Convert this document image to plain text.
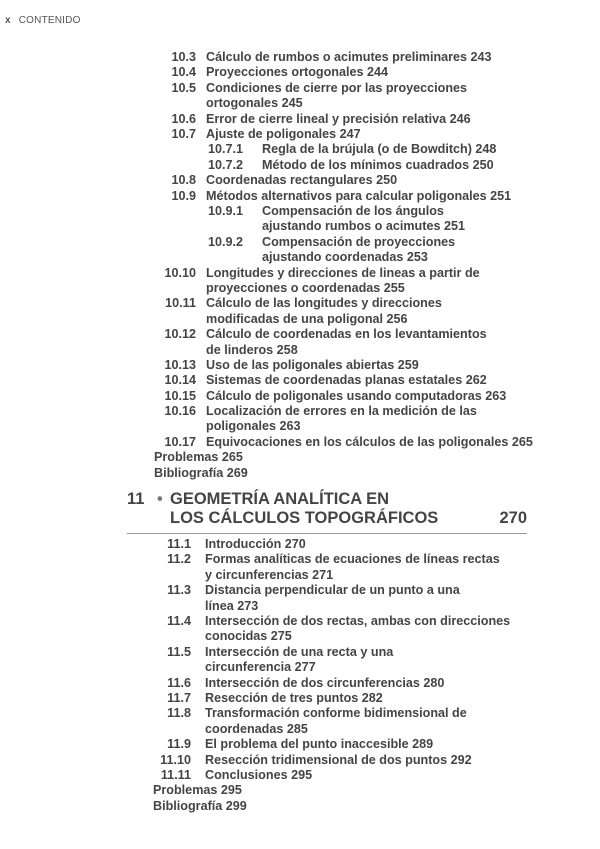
x CONTENIDO
10.3 Cálculo de rumbos o acimutes preliminares 243
10.4 Proyecciones ortogonales 244
10.5 Condiciones de cierre por las proyecciones
ortogonales 245
10.6 Error de cierre lineal y precisión relativa 246
10.7 Ajuste de poligonales 247
10.7.1	Regla de la brújula (o de Bowditch) 248
10.7.2	Método de los mínimos cuadrados 250
10.8 Coordenadas rectangulares 250
10.9 Métodos alternativos para calcular poligonales 251
10.9.1	Compensación de los ángulos
ajustando rumbos o acimutes 251
10.9.2	Compensación de proyecciones
ajustando coordenadas 253
10.10 Longitudes y direcciones de lineas a partir de
proyecciones o coordenadas 255
10.11 Cálculo de las longitudes y direcciones
modificadas de una poligonal 256
10.12 Cálculo de coordenadas en los levantamientos
de linderos 258
10.13 Uso de las poligonales abiertas 259
10.14 Sistemas de coordenadas planas estatales 262
10.15 Cálculo de poligonales usando computadoras 263
10.16 Localización de errores en la medición de las
poligonales 263
10.17 Equivocaciones en los cálculos de las poligonales 265
Problemas 265
Bibliografía 269
11 • GEOMETRÍA ANALÍTICA EN
LOS CÁLCULOS TOPOGRÁFICOS	270
11.1 Introducción 270
11.2 Formas analíticas de ecuaciones de líneas rectas
y circunferencias 271
11.3 Distancia perpendicular de un punto a una
línea 273
11.4 Intersección de dos rectas, ambas con direcciones
conocidas 275
11.5 Intersección de una recta y una
circunferencia 277
11.6 Intersección de dos circunferencias 280
11.7 Resección de tres puntos 282
11.8 Transformación conforme bidimensional de
coordenadas 285
11.9 El problema del punto inaccesible 289
11.10 Resección tridimensional de dos puntos 292
11.11 Conclusiones 295
Problemas 295
Bibliografía 299
